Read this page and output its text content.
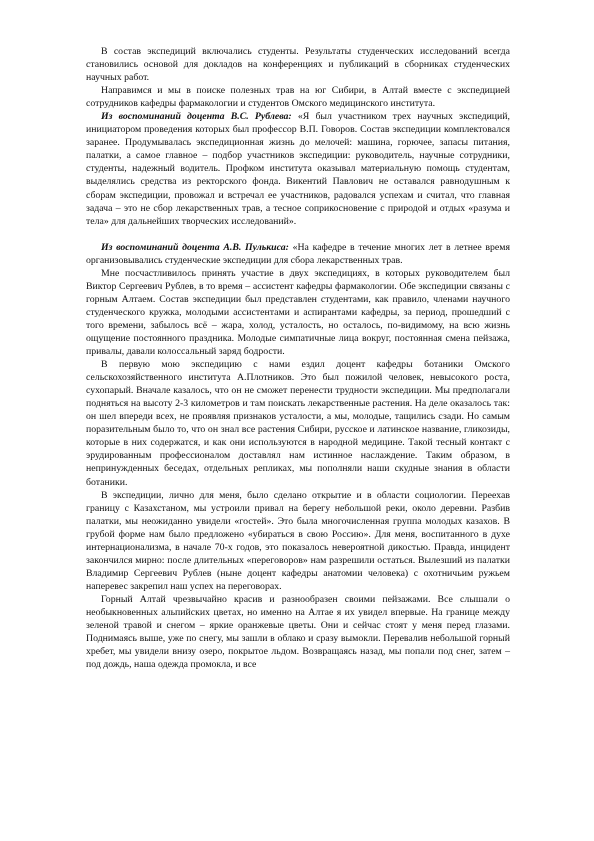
В состав экспедиций включались студенты. Результаты студенческих исследований всегда становились основой для докладов на конференциях и публикаций в сборниках студенческих научных работ.

Направимся и мы в поиске полезных трав на юг Сибири, в Алтай вместе с экспедицией сотрудников кафедры фармакологии и студентов Омского медицинского института.

Из воспоминаний доцента В.С. Рублева: «Я был участником трех научных экспедиций, инициатором проведения которых был профессор В.П. Говоров. Состав экспедиции комплектовался заранее. Продумывалась экспедиционная жизнь до мелочей: машина, горючее, запасы питания, палатки, а самое главное – подбор участников экспедиции: руководитель, научные сотрудники, студенты, надежный водитель. Профком института оказывал материальную помощь студентам, выделялись средства из ректорского фонда. Викентий Павлович не оставался равнодушным к сборам экспедиции, провожал и встречал ее участников, радовался успехам и считал, что главная задача – это не сбор лекарственных трав, а тесное соприкосновение с природой и отдых «разума и тела» для дальнейших творческих исследований».

Из воспоминаний доцента А.В. Пулькиса: «На кафедре в течение многих лет в летнее время организовывались студенческие экспедиции для сбора лекарственных трав.

Мне посчастливилось принять участие в двух экспедициях, в которых руководителем был Виктор Сергеевич Рублев, в то время – ассистент кафедры фармакологии. Обе экспедиции связаны с горным Алтаем. Состав экспедиции был представлен студентами, как правило, членами научного студенческого кружка, молодыми ассистентами и аспирантами кафедры, за период, прошедший с того времени, забылось всё – жара, холод, усталость, но осталось, по-видимому, на всю жизнь ощущение постоянного праздника. Молодые симпатичные лица вокруг, постоянная смена пейзажа, привалы, давали колоссальный заряд бодрости.

В первую мою экспедицию с нами ездил доцент кафедры ботаники Омского сельскохозяйственного института А.Плотников. Это был пожилой человек, невысокого роста, сухопарый. Вначале казалось, что он не сможет перенести трудности экспедиции. Мы предполагали подняться на высоту 2-3 километров и там поискать лекарственные растения. На деле оказалось так: он шел впереди всех, не проявляя признаков усталости, а мы, молодые, тащились сзади. Но самым поразительным было то, что он знал все растения Сибири, русское и латинское название, гликозиды, которые в них содержатся, и как они используются в народной медицине. Такой тесный контакт с эрудированным профессионалом доставлял нам истинное наслаждение. Таким образом, в непринужденных беседах, отдельных репликах, мы пополняли наши скудные знания в области ботаники.

В экспедиции, лично для меня, было сделано открытие и в области социологии. Переехав границу с Казахстаном, мы устроили привал на берегу небольшой реки, около деревни. Разбив палатки, мы неожиданно увидели «гостей». Это была многочисленная группа молодых казахов. В грубой форме нам было предложено «убираться в свою Россию». Для меня, воспитанного в духе интернационализма, в начале 70-х годов, это показалось невероятной дикостью. Правда, инцидент закончился мирно: после длительных «переговоров» нам разрешили остаться. Вылезший из палатки Владимир Сергеевич Рублев (ныне доцент кафедры анатомии человека) с охотничьим ружьем наперевес закрепил наш успех на переговорах.

Горный Алтай чрезвычайно красив и разнообразен своими пейзажами. Все слышали о необыкновенных альпийских цветах, но именно на Алтае я их увидел впервые. На границе между зеленой травой и снегом – яркие оранжевые цветы. Они и сейчас стоят у меня перед глазами. Поднимаясь выше, уже по снегу, мы зашли в облако и сразу вымокли. Перевалив небольшой горный хребет, мы увидели внизу озеро, покрытое льдом. Возвращаясь назад, мы попали под снег, затем – под дождь, наша одежда промокла, и все
